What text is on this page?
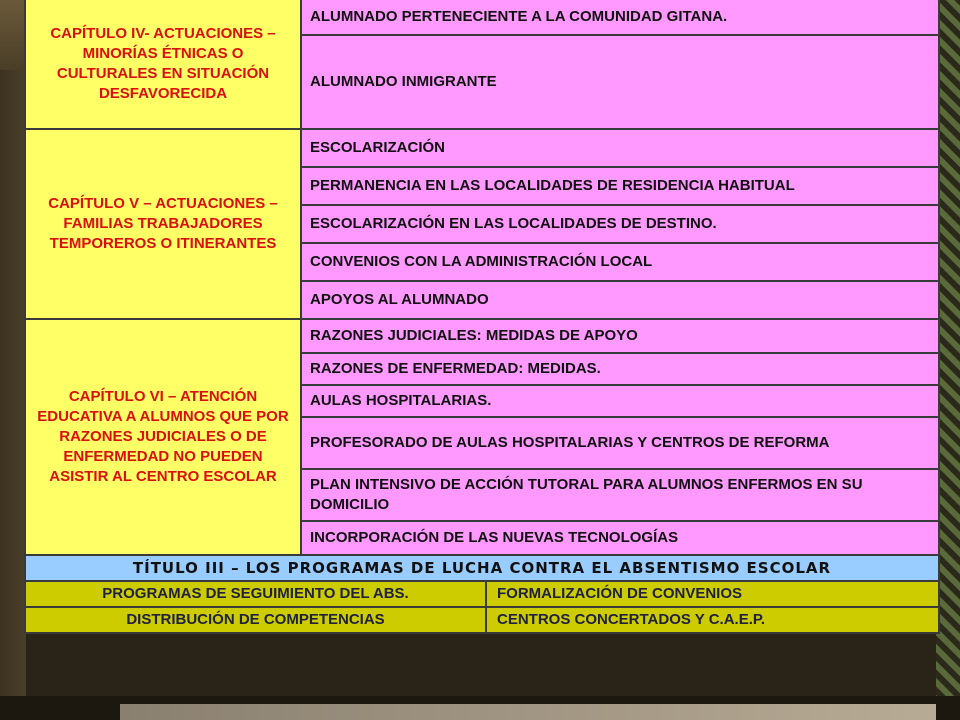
CAPÍTULO IV- ACTUACIONES – MINORÍAS ÉTNICAS O CULTURALES EN SITUACIÓN DESFAVORECIDA	ALUMNADO PERTENECIENTE A LA COMUNIDAD GITANA.	
	ALUMNADO INMIGRANTE	
CAPÍTULO V – ACTUACIONES – FAMILIAS TRABAJADORES TEMPOREROS O ITINERANTES	ESCOLARIZACIÓN	
	PERMANENCIA EN LAS LOCALIDADES DE RESIDENCIA HABITUAL	
	ESCOLARIZACIÓN EN LAS LOCALIDADES DE DESTINO.	
	CONVENIOS CON LA ADMINISTRACIÓN LOCAL	
	APOYOS AL ALUMNADO	
CAPÍTULO VI – ATENCIÓN EDUCATIVA A ALUMNOS QUE POR RAZONES JUDICIALES O DE ENFERMEDAD NO PUEDEN ASISTIR AL CENTRO ESCOLAR	RAZONES JUDICIALES: MEDIDAS DE APOYO	
	RAZONES DE ENFERMEDAD: MEDIDAS.	
	AULAS HOSPITALARIAS.	
	PROFESORADO DE AULAS HOSPITALARIAS Y CENTROS DE REFORMA	
	PLAN INTENSIVO DE ACCIÓN TUTORAL PARA ALUMNOS ENFERMOS EN SU DOMICILIO	
	INCORPORACIÓN DE LAS NUEVAS TECNOLOGÍAS	
TÍTULO III – LOS PROGRAMAS DE LUCHA CONTRA EL ABSENTISMO ESCOLAR		
PROGRAMAS DE SEGUIMIENTO DEL ABS.		FORMALIZACIÓN DE CONVENIOS
DISTRIBUCIÓN DE COMPETENCIAS		CENTROS CONCERTADOS Y C.A.E.P.
